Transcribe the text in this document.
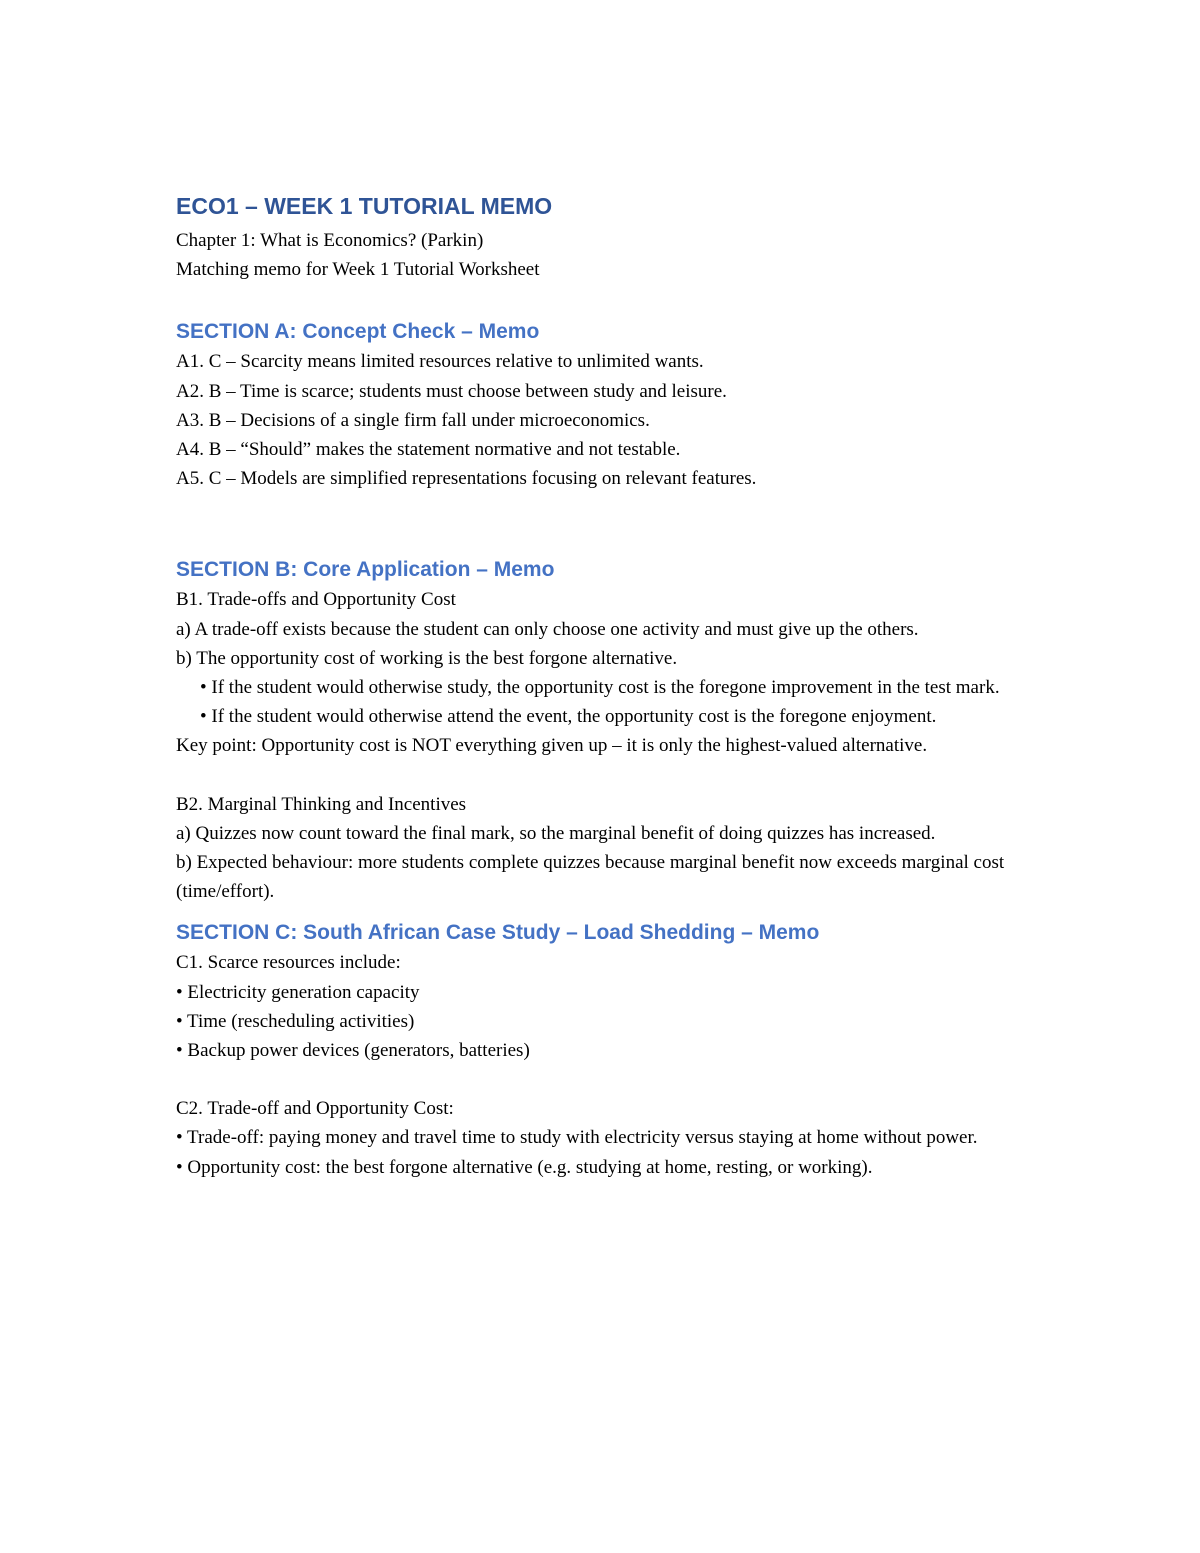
ECO1 – WEEK 1 TUTORIAL MEMO

Chapter 1: What is Economics? (Parkin)

Matching memo for Week 1 Tutorial Worksheet

SECTION A: Concept Check – Memo

A1. C – Scarcity means limited resources relative to unlimited wants.

A2. B – Time is scarce; students must choose between study and leisure.

A3. B – Decisions of a single firm fall under microeconomics.

A4. B – “Should” makes the statement normative and not testable.

A5. C – Models are simplified representations focusing on relevant features.

SECTION B: Core Application – Memo

B1. Trade-offs and Opportunity Cost

a) A trade-off exists because the student can only choose one activity and must give up the others.

b) The opportunity cost of working is the best forgone alternative.

• If the student would otherwise study, the opportunity cost is the foregone improvement in the test mark.

• If the student would otherwise attend the event, the opportunity cost is the foregone enjoyment.

Key point: Opportunity cost is NOT everything given up – it is only the highest-valued alternative.

B2. Marginal Thinking and Incentives

a) Quizzes now count toward the final mark, so the marginal benefit of doing quizzes has increased.

b) Expected behaviour: more students complete quizzes because marginal benefit now exceeds marginal cost (time/effort).

SECTION C: South African Case Study – Load Shedding – Memo

C1. Scarce resources include:

• Electricity generation capacity

• Time (rescheduling activities)

• Backup power devices (generators, batteries)

C2. Trade-off and Opportunity Cost:

• Trade-off: paying money and travel time to study with electricity versus staying at home without power.

• Opportunity cost: the best forgone alternative (e.g. studying at home, resting, or working).
